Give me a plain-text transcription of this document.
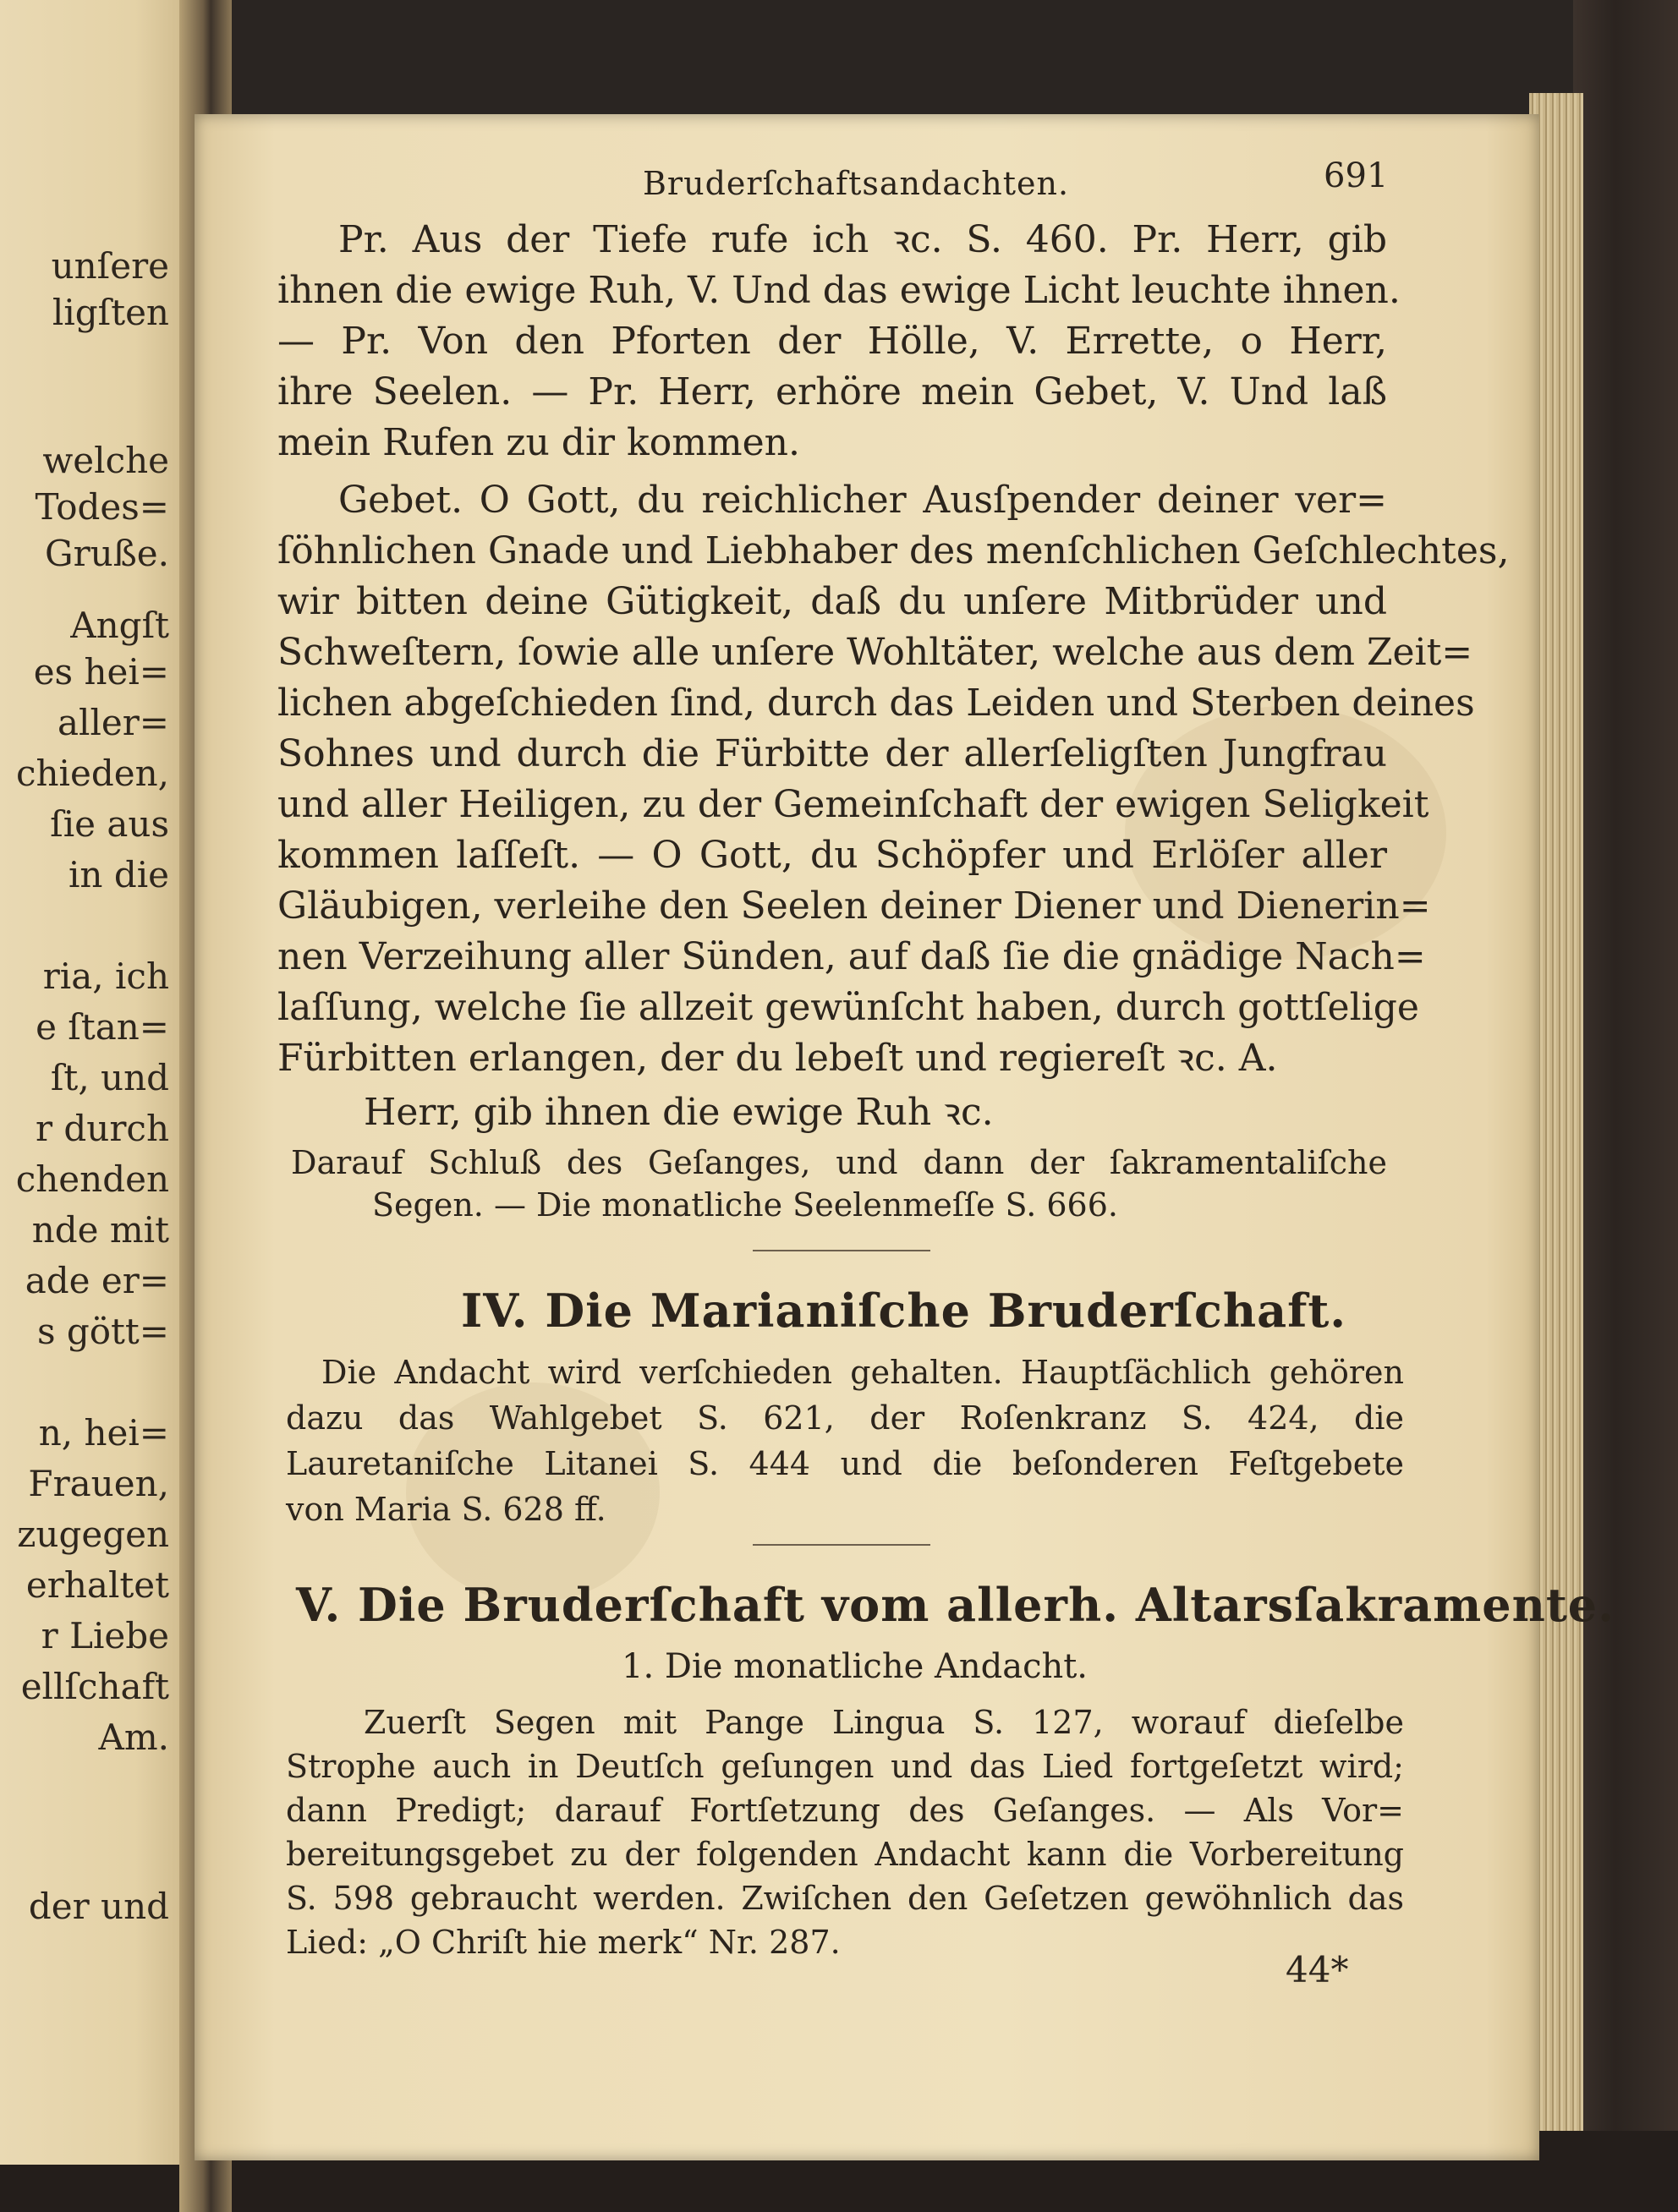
unſere
ligſten
welche
Todes=
Gruße.
Angſt
es hei=
aller=
chieden,
ſie aus
in die
ria, ich
e ſtan=
ſt, und
r durch
chenden
nde mit
ade er=
s gött=
n, hei=
Frauen,
zugegen
erhaltet
r Liebe
ellſchaft
Am.
der und
Bruderſchaftsandachten.	691
Pr. Aus der Tiefe rufe ich ꝛc. S. 460. Pr. Herr, gib
ihnen die ewige Ruh, V. Und das ewige Licht leuchte ihnen.
— Pr. Von den Pforten der Hölle, V. Errette, o Herr,
ihre Seelen. — Pr. Herr, erhöre mein Gebet, V. Und laß
mein Rufen zu dir kommen.
Gebet. O Gott, du reichlicher Ausſpender deiner ver=
ſöhnlichen Gnade und Liebhaber des menſchlichen Geſchlechtes,
wir bitten deine Gütigkeit, daß du unſere Mitbrüder und
Schweſtern, ſowie alle unſere Wohltäter, welche aus dem Zeit=
lichen abgeſchieden ſind, durch das Leiden und Sterben deines
Sohnes und durch die Fürbitte der allerſeligſten Jungfrau
und aller Heiligen, zu der Gemeinſchaft der ewigen Seligkeit
kommen laſſeſt. — O Gott, du Schöpfer und Erlöſer aller
Gläubigen, verleihe den Seelen deiner Diener und Dienerin=
nen Verzeihung aller Sünden, auf daß ſie die gnädige Nach=
laſſung, welche ſie allzeit gewünſcht haben, durch gottſelige
Fürbitten erlangen, der du lebeſt und regiereſt ꝛc. A.
Herr, gib ihnen die ewige Ruh ꝛc.
Darauf Schluß des Geſanges, und dann der ſakramentaliſche
Segen. — Die monatliche Seelenmeſſe S. 666.
IV. Die Marianiſche Bruderſchaft.
Die Andacht wird verſchieden gehalten. Hauptſächlich gehören
dazu das Wahlgebet S. 621, der Roſenkranz S. 424, die
Lauretaniſche Litanei S. 444 und die beſonderen Feſtgebete
von Maria S. 628 ff.
V. Die Bruderſchaft vom allerh. Altarsſakramente.
1. Die monatliche Andacht.
Zuerſt Segen mit Pange Lingua S. 127, worauf dieſelbe
Strophe auch in Deutſch geſungen und das Lied fortgeſetzt wird;
dann Predigt; darauf Fortſetzung des Geſanges. — Als Vor=
bereitungsgebet zu der folgenden Andacht kann die Vorbereitung
S. 598 gebraucht werden. Zwiſchen den Geſetzen gewöhnlich das
Lied: „O Chriſt hie merk“ Nr. 287.
44*
